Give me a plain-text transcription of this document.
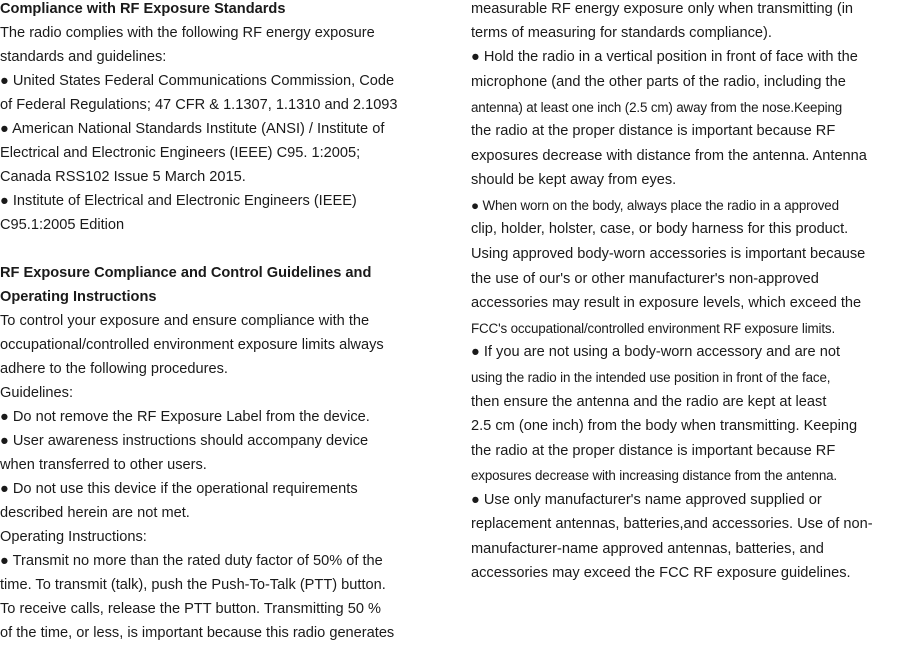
Compliance with RF Exposure Standards
The radio complies with the following RF energy exposure
standards and guidelines:
● United States Federal Communications Commission, Code
of Federal Regulations; 47 CFR & 1.1307, 1.1310 and 2.1093
● American National Standards Institute (ANSI) / Institute of
Electrical and Electronic Engineers (IEEE) C95. 1:2005;
Canada RSS102 Issue 5 March 2015.
● Institute of Electrical and Electronic Engineers (IEEE)
C95.1:2005 Edition
RF Exposure Compliance and Control Guidelines and
Operating Instructions
To control your exposure and ensure compliance with the
occupational/controlled environment exposure limits always
adhere to the following procedures.
Guidelines:
● Do not remove the RF Exposure Label from the device.
● User awareness instructions should accompany device
when transferred to other users.
● Do not use this device if the operational requirements
described herein are not met.
Operating Instructions:
● Transmit no more than the rated duty factor of 50% of the
time. To transmit (talk), push the Push-To-Talk (PTT) button.
To receive calls, release the PTT button. Transmitting 50 %
of the time, or less, is important because this radio generates
measurable RF energy exposure only when transmitting (in
terms of measuring for standards compliance).
● Hold the radio in a vertical position in front of face with the
microphone (and the other parts of the radio, including the
antenna) at least one inch (2.5 cm) away from the nose.Keeping
the radio at the proper distance is important because RF
exposures decrease with distance from the antenna. Antenna
should be kept away from eyes.
● When worn on the body, always place the radio in a approved
clip, holder, holster, case, or body harness for this product.
Using approved body-worn accessories is important because
the use of our's or other manufacturer's non-approved
accessories may result in exposure levels, which exceed the
FCC's occupational/controlled environment RF exposure limits.
● If you are not using a body-worn accessory and are not
using the radio in the intended use position in front of the face,
then ensure the antenna and the radio are kept at least
2.5 cm (one inch) from the body when transmitting. Keeping
the radio at the proper distance is important because RF
exposures decrease with increasing distance from the antenna.
● Use only manufacturer's name approved supplied or
replacement antennas, batteries,and accessories. Use of non-
manufacturer-name approved antennas, batteries, and
accessories may exceed the FCC RF exposure guidelines.
